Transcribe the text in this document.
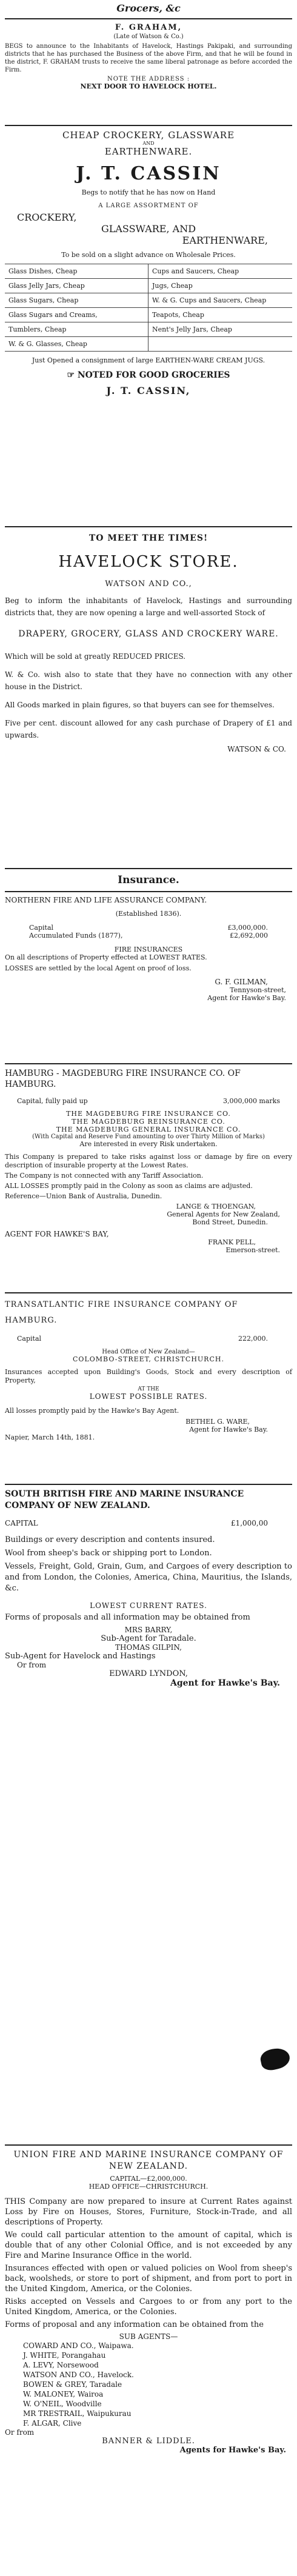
Grocers, &c

F. GRAHAM,

(Late of Watson & Co.)

BEGS to announce to the Inhabitants of Havelock, Hastings Pakipaki, and surrounding districts that he has purchased the Business of the above Firm, and that he will be found in the district, F. GRAHAM trusts to receive the same liberal patronage as before accorded the Firm.

NOTE THE ADDRESS :

NEXT DOOR TO HAVELOCK HOTEL.

CHEAP CROCKERY, GLASSWARE

AND

EARTHENWARE.

J. T. CASSIN

Begs to notify that he has now on Hand

A LARGE ASSORTMENT OF

CROCKERY,

GLASSWARE, AND

EARTHENWARE,

To be sold on a slight advance on Wholesale Prices.

Glass Dishes, Cheap	Cups and Saucers, Cheap
Glass Jelly Jars, Cheap	Jugs, Cheap
Glass Sugars, Cheap	W. & G. Cups and Saucers, Cheap
Glass Sugars and Creams,	Teapots, Cheap
Tumblers, Cheap	Nent's Jelly Jars, Cheap
W. & G. Glasses, Cheap

Just Opened a consignment of large EARTHEN-WARE CREAM JUGS.

☞ NOTED FOR GOOD GROCERIES

J. T. CASSIN,

TO MEET THE TIMES!

HAVELOCK STORE.

WATSON AND CO.,

Beg to inform the inhabitants of Havelock, Hastings and surrounding districts that, they are now opening a large and well-assorted Stock of

DRAPERY, GROCERY, GLASS AND CROCKERY WARE.

Which will be sold at greatly REDUCED PRICES.

W. & Co. wish also to state that they have no connection with any other house in the District.

All Goods marked in plain figures, so that buyers can see for themselves.

Five per cent. discount allowed for any cash purchase of Drapery of £1 and upwards.

WATSON & CO.

Insurance.

NORTHERN FIRE AND LIFE ASSURANCE COMPANY.

(Established 1836).

Capital	£3,000,000.
Accumulated Funds (1877),	£2,692,000

FIRE INSURANCES

On all descriptions of Property effected at LOWEST RATES.

LOSSES are settled by the local Agent on proof of loss.

G. F. GILMAN,

Tennyson-street,

Agent for Hawke's Bay.

HAMBURG - MAGDEBURG FIRE INSURANCE CO. OF HAMBURG.

Capital, fully paid up	3,000,000 marks

THE MAGDEBURG FIRE INSURANCE CO.

THE MAGDEBURG REINSURANCE CO.

THE MAGDEBURG GENERAL INSURANCE CO.

(With Capital and Reserve Fund amounting to over Thirty Million of Marks)

Are interested in every Risk undertaken.

This Company is prepared to take risks against loss or damage by fire on every description of insurable property at the Lowest Rates.

The Company is not connected with any Tariff Association.

ALL LOSSES promptly paid in the Colony as soon as claims are adjusted.

Reference—Union Bank of Australia, Dunedin.

LANGE & THOENGAN,

General Agents for New Zealand,

Bond Street, Dunedin.

AGENT FOR HAWKE'S BAY,

FRANK PELL,

Emerson-street.

TRANSATLANTIC FIRE INSURANCE COMPANY OF HAMBURG.

Capital	222,000.

Head Office of New Zealand—

COLOMBO-STREET, CHRISTCHURCH.

Insurances accepted upon Building's Goods, Stock and every description of Property,

AT THE

LOWEST POSSIBLE RATES.

All losses promptly paid by the Hawke's Bay Agent.

BETHEL G. WARE,

Agent for Hawke's Bay.

Napier, March 14th, 1881.

SOUTH BRITISH FIRE AND MARINE INSURANCE COMPANY OF NEW ZEALAND.

CAPITAL	£1,000,00

Buildings or every description and contents insured.

Wool from sheep's back or shipping port to London.

Vessels, Freight, Gold, Grain, Gum, and Cargoes of every description to and from London, the Colonies, America, China, Mauritius, the Islands, &c.

LOWEST CURRENT RATES.

Forms of proposals and all information may be obtained from

MRS BARRY,

Sub-Agent for Taradale.

THOMAS GILPIN,

Sub-Agent for Havelock and Hastings

Or from

EDWARD LYNDON,

Agent for Hawke's Bay.

UNION FIRE AND MARINE INSURANCE COMPANY OF NEW ZEALAND.

CAPITAL—£2,000,000.

HEAD OFFICE—CHRISTCHURCH.

THIS Company are now prepared to insure at Current Rates against Loss by Fire on Houses, Stores, Furniture, Stock-in-Trade, and all descriptions of Property.

We could call particular attention to the amount of capital, which is double that of any other Colonial Office, and is not exceeded by any Fire and Marine Insurance Office in the world.

Insurances effected with open or valued policies on Wool from sheep's back, woolsheds, or store to port of shipment, and from port to port in the United Kingdom, America, or the Colonies.

Risks accepted on Vessels and Cargoes to or from any port to the United Kingdom, America, or the Colonies.

Forms of proposal and any information can be obtained from the

SUB AGENTS—

COWARD AND CO., Waipawa.

J. WHITE, Porangahau

A. LEVY, Norsewood

WATSON AND CO., Havelock.

BOWEN & GREY, Taradale

W. MALONEY, Wairoa

W. O'NEIL, Woodville

MR TRESTRAIL, Waipukurau

F. ALGAR, Clive

Or from

BANNER & LIDDLE.

Agents for Hawke's Bay.
